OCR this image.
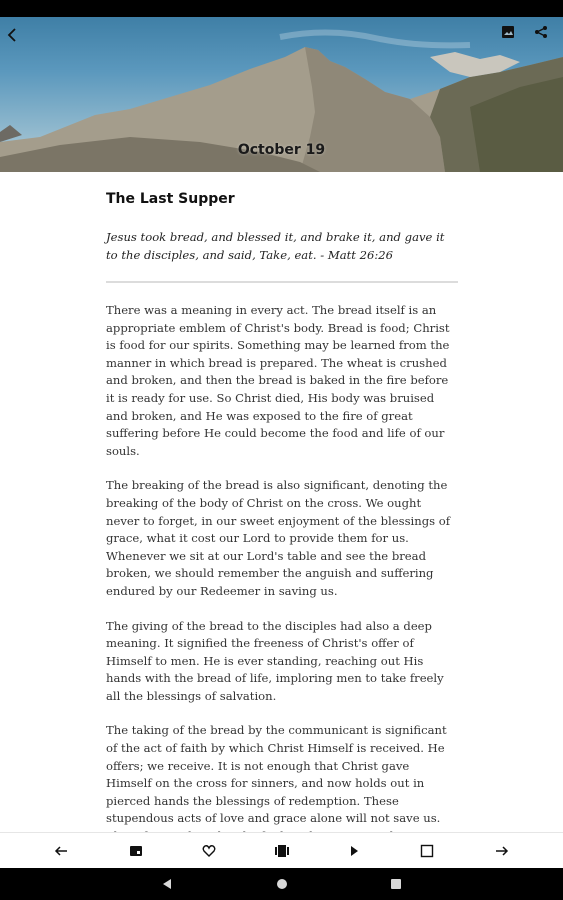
October 19
The Last Supper
Jesus took bread, and blessed it, and brake it, and gave it to the disciples, and said, Take, eat. - Matt 26:26

There was a meaning in every act. The bread itself is an appropriate emblem of Christ's body. Bread is food; Christ is food for our spirits. Something may be learned from the manner in which bread is prepared. The wheat is crushed and broken, and then the bread is baked in the fire before it is ready for use. So Christ died, His body was bruised and broken, and He was exposed to the fire of great suffering before He could become the food and life of our souls.

The breaking of the bread is also significant, denoting the breaking of the body of Christ on the cross. We ought never to forget, in our sweet enjoyment of the blessings of grace, what it cost our Lord to provide them for us. Whenever we sit at our Lord's table and see the bread broken, we should remember the anguish and suffering endured by our Redeemer in saving us.

The giving of the bread to the disciples had also a deep meaning. It signified the freeness of Christ's offer of Himself to men. He is ever standing, reaching out His hands with the bread of life, imploring men to take freely all the blessings of salvation.

The taking of the bread by the communicant is significant of the act of faith by which Christ Himself is received. He offers; we receive. It is not enough that Christ gave Himself on the cross for sinners, and now holds out in pierced hands the blessings of redemption. These stupendous acts of love and grace alone will not save us.
